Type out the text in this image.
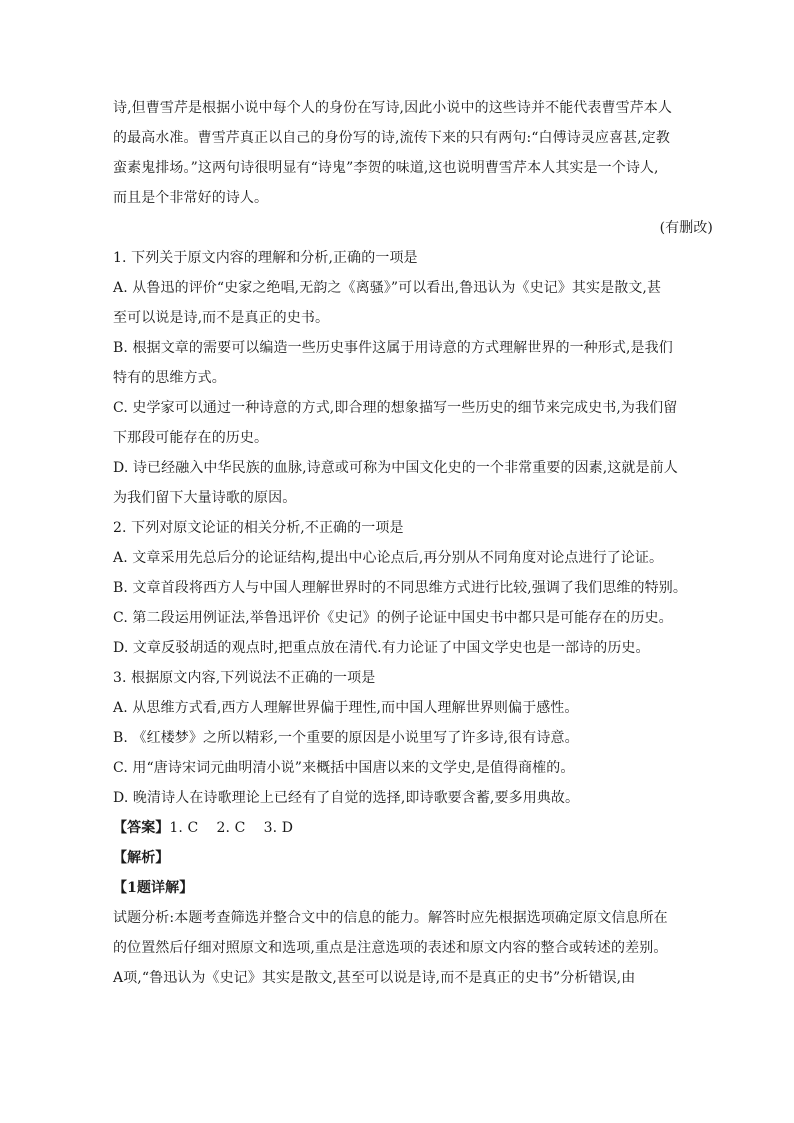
诗,但曹雪芹是根据小说中每个人的身份在写诗,因此小说中的这些诗并不能代表曹雪芹本人
的最高水准。曹雪芹真正以自己的身份写的诗,流传下来的只有两句:“白傅诗灵应喜甚,定教
蛮素鬼排场。”这两句诗很明显有“诗鬼”李贺的味道,这也说明曹雪芹本人其实是一个诗人,
而且是个非常好的诗人。
(有删改)
1. 下列关于原文内容的理解和分析,正确的一项是
A. 从鲁迅的评价“史家之绝唱,无韵之《离骚》”可以看出,鲁迅认为《史记》其实是散文,甚
至可以说是诗,而不是真正的史书。
B. 根据文章的需要可以编造一些历史事件这属于用诗意的方式理解世界的一种形式,是我们
特有的思维方式。
C. 史学家可以通过一种诗意的方式,即合理的想象描写一些历史的细节来完成史书,为我们留
下那段可能存在的历史。
D. 诗已经融入中华民族的血脉,诗意或可称为中国文化史的一个非常重要的因素,这就是前人
为我们留下大量诗歌的原因。
2. 下列对原文论证的相关分析,不正确的一项是
A. 文章采用先总后分的论证结构,提出中心论点后,再分别从不同角度对论点进行了论证。
B. 文章首段将西方人与中国人理解世界时的不同思维方式进行比较,强调了我们思维的特别。
C. 第二段运用例证法,举鲁迅评价《史记》的例子论证中国史书中都只是可能存在的历史。
D. 文章反驳胡适的观点时,把重点放在清代.有力论证了中国文学史也是一部诗的历史。
3. 根据原文内容,下列说法不正确的一项是
A. 从思维方式看,西方人理解世界偏于理性,而中国人理解世界则偏于感性。
B. 《红楼梦》之所以精彩,一个重要的原因是小说里写了许多诗,很有诗意。
C. 用“唐诗宋词元曲明清小说”来概括中国唐以来的文学史,是值得商榷的。
D. 晚清诗人在诗歌理论上已经有了自觉的选择,即诗歌要含蓄,要多用典故。
【答案】1. C    2. C    3. D
【解析】
【1题详解】
试题分析:本题考查筛选并整合文中的信息的能力。解答时应先根据选项确定原文信息所在
的位置然后仔细对照原文和选项,重点是注意选项的表述和原文内容的整合或转述的差别。
A项,“鲁迅认为《史记》其实是散文,甚至可以说是诗,而不是真正的史书”分析错误,由
